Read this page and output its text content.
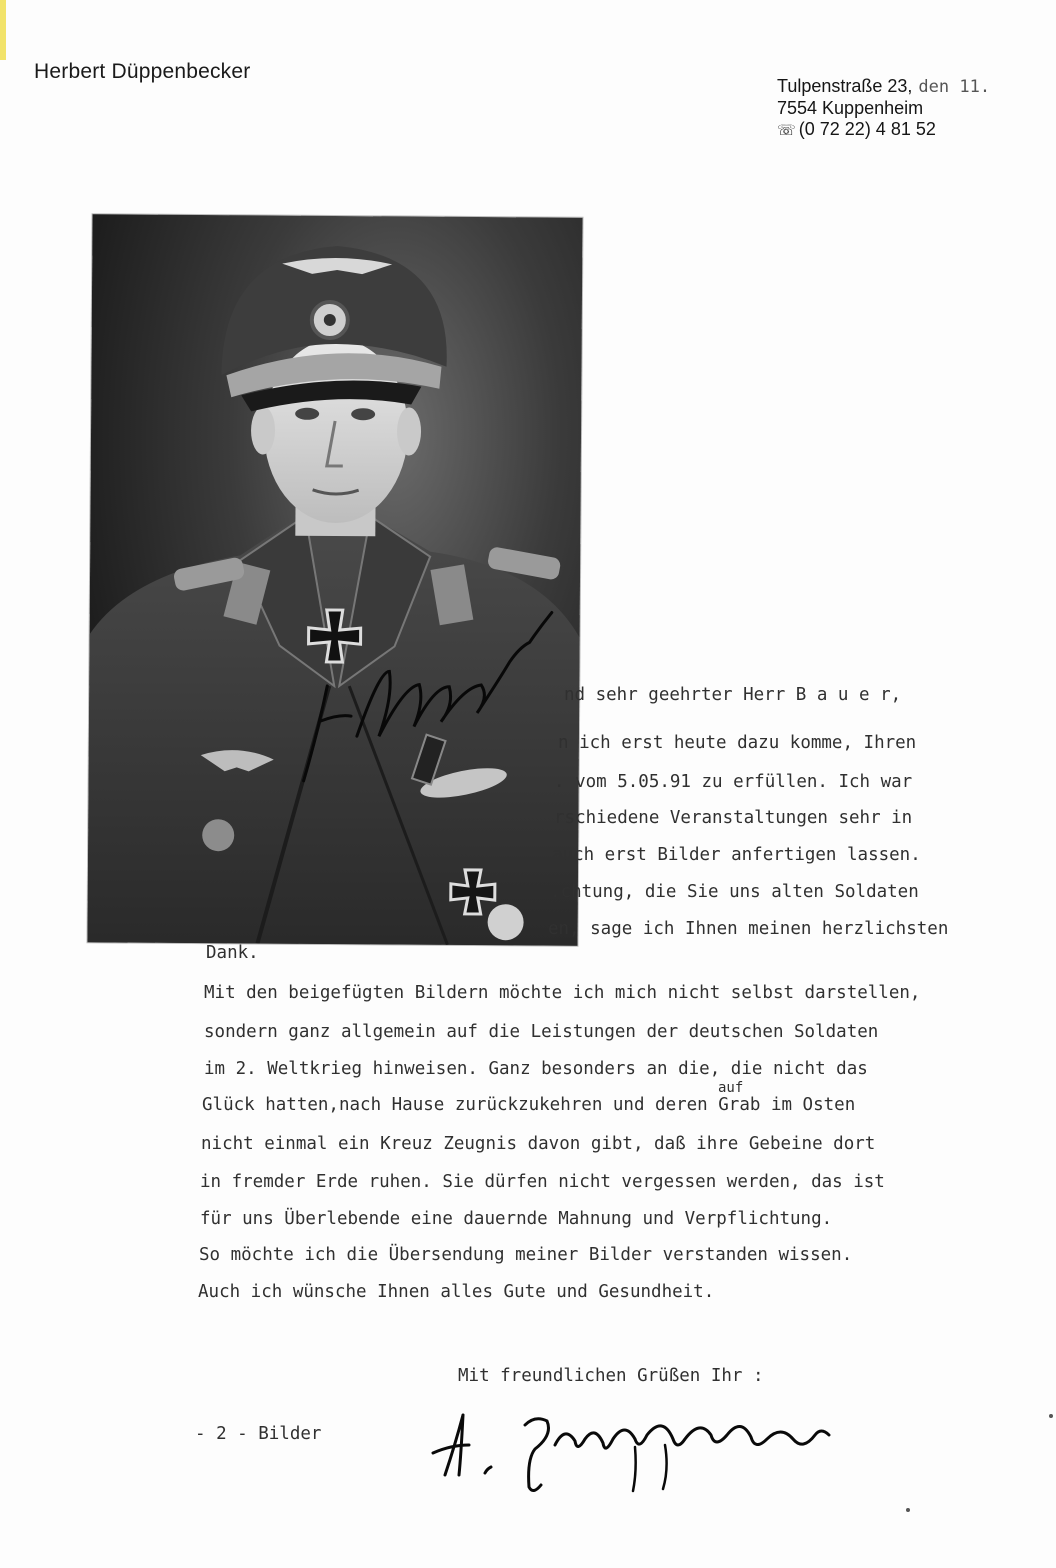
Herbert Düppenbecker
Tulpenstraße 23, den 11.
7554 Kuppenheim
☏ (0 72 22) 4 81 52
nd sehr geehrter Herr B a u e r,
n ich erst heute dazu komme, Ihren
. vom 5.05.91 zu erfüllen. Ich war
rschiedene Veranstaltungen sehr in
auch erst Bilder anfertigen lassen.
.chtung, die Sie uns alten Soldaten
en, sage ich Ihnen meinen herzlichsten
Dank.
Mit den beigefügten Bildern möchte ich mich nicht selbst darstellen,
sondern ganz allgemein auf die Leistungen der deutschen Soldaten
im 2. Weltkrieg hinweisen. Ganz besonders an die, die nicht das
Glück hatten,nach Hause zurückzukehren und deren Grab im Osten
nicht einmal ein Kreuz Zeugnis davon gibt, daß ihre Gebeine dort
in fremder Erde ruhen. Sie dürfen nicht vergessen werden, das ist
für uns Überlebende eine dauernde Mahnung und Verpflichtung.
So möchte ich die Übersendung meiner Bilder verstanden wissen.
Auch ich wünsche Ihnen alles Gute und Gesundheit.
auf
Mit freundlichen Grüßen Ihr :
- 2 - Bilder
